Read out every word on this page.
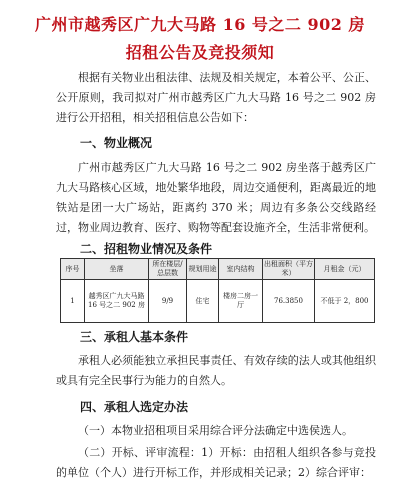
广州市越秀区广九大马路 16 号之二 902 房
招租公告及竞投须知
根据有关物业出租法律、法规及相关规定，本着公平、公正、公开原则，我司拟对广州市越秀区广九大马路 16 号之二 902 房进行公开招租，相关招租信息公告如下：
一、物业概况
广州市越秀区广九大马路 16 号之二 902 房坐落于越秀区广九大马路核心区域，地处繁华地段，周边交通便利，距离最近的地铁站是团一大广场站，距离约 370 米；周边有多条公交线路经过，物业周边教育、医疗、购物等配套设施齐全，生活非常便利。
二、招租物业情况及条件
序号	坐落	所在楼层/总层数	规划用途	室内结构	出租面积（平方米）	月租金（元）
1	越秀区广九大马路 16 号之二 902 房	9/9	住宅	楼房二房一厅	76.3850	不低于 2，800
三、承租人基本条件
承租人必须能独立承担民事责任、有效存续的法人或其他组织或具有完全民事行为能力的自然人。
四、承租人选定办法
（一）本物业招租项目采用综合评分法确定中选侯选人。
（二）开标、评审流程：1）开标：由招租人组织各参与竞投的单位（个人）进行开标工作，并形成相关记录；2）综合评审：
